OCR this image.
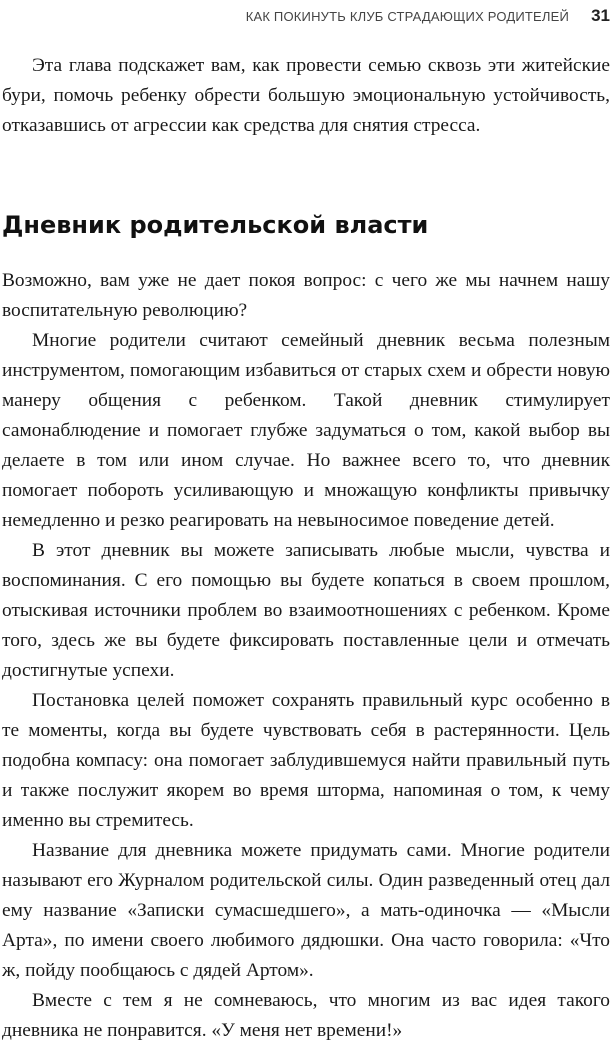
КАК ПОКИНУТЬ КЛУБ СТРАДАЮЩИХ РОДИТЕЛЕЙ 31

Эта глава подскажет вам, как провести семью сквозь эти житейские бури, помочь ребенку обрести большую эмоциональную устойчивость, отказавшись от агрессии как средства для снятия стресса.

Дневник родительской власти

Возможно, вам уже не дает покоя вопрос: с чего же мы начнем нашу воспитательную революцию?

Многие родители считают семейный дневник весьма полезным инструментом, помогающим избавиться от старых схем и обрести новую манеру общения с ребенком. Такой дневник стимулирует самонаблюдение и помогает глубже задуматься о том, какой выбор вы делаете в том или ином случае. Но важнее всего то, что дневник помогает побороть усиливающую и множащую конфликты привычку немедленно и резко реагировать на невыносимое поведение детей.

В этот дневник вы можете записывать любые мысли, чувства и воспоминания. С его помощью вы будете копаться в своем прошлом, отыскивая источники проблем во взаимоотношениях с ребенком. Кроме того, здесь же вы будете фиксировать поставленные цели и отмечать достигнутые успехи.

Постановка целей поможет сохранять правильный курс особенно в те моменты, когда вы будете чувствовать себя в растерянности. Цель подобна компасу: она помогает заблудившемуся найти правильный путь и также послужит якорем во время шторма, напоминая о том, к чему именно вы стремитесь.

Название для дневника можете придумать сами. Многие родители называют его Журналом родительской силы. Один разведенный отец дал ему название «Записки сумасшедшего», а мать-одиночка — «Мысли Арта», по имени своего любимого дядюшки. Она часто говорила: «Что ж, пойду пообщаюсь с дядей Артом».

Вместе с тем я не сомневаюсь, что многим из вас идея такого дневника не понравится. «У меня нет времени!»
